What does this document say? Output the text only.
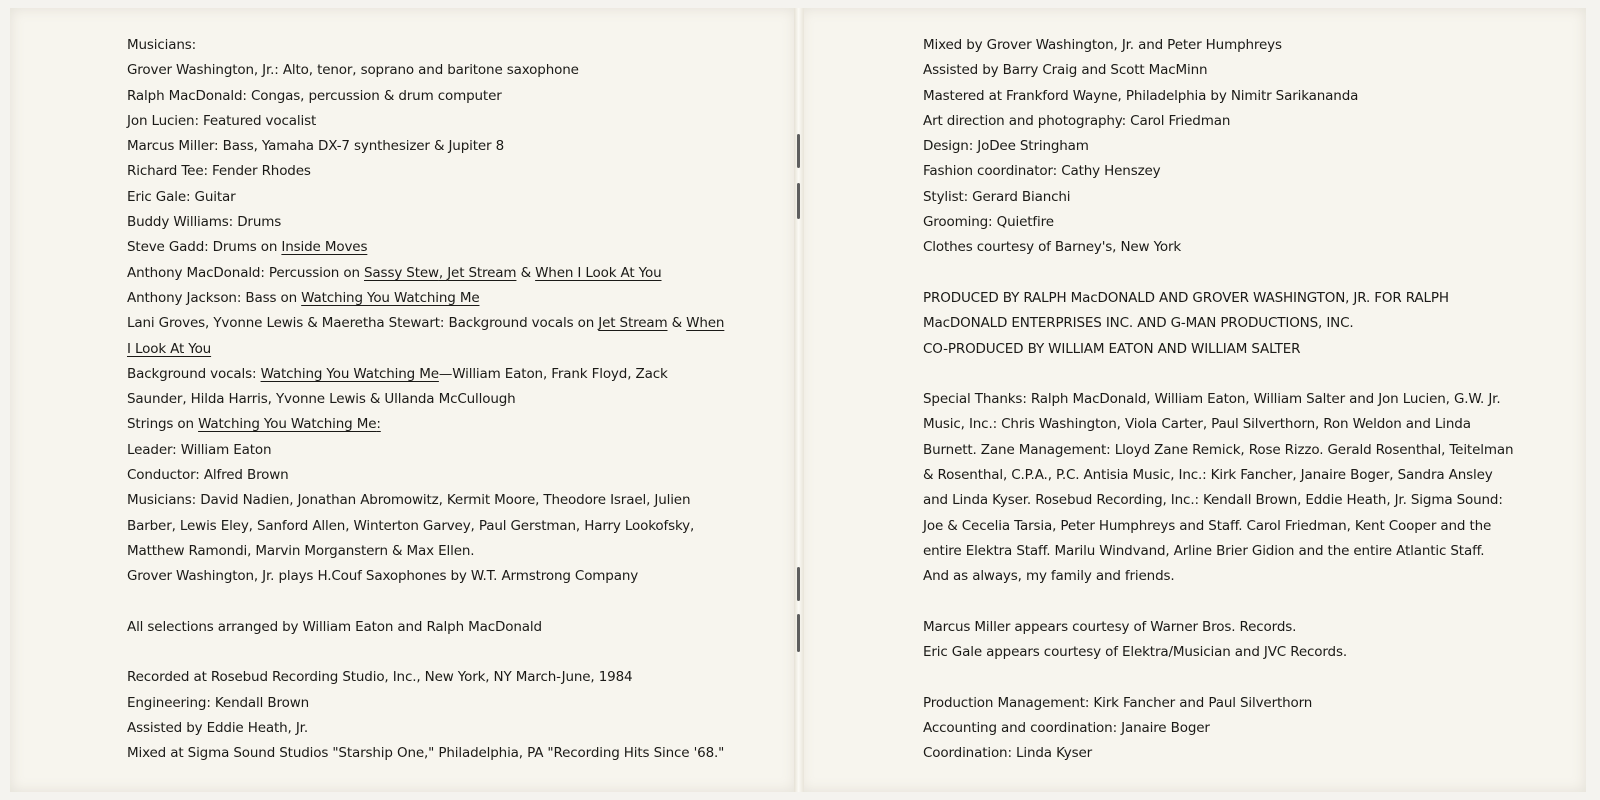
Musicians:
Grover Washington, Jr.: Alto, tenor, soprano and baritone saxophone
Ralph MacDonald: Congas, percussion & drum computer
Jon Lucien: Featured vocalist
Marcus Miller: Bass, Yamaha DX-7 synthesizer & Jupiter 8
Richard Tee: Fender Rhodes
Eric Gale: Guitar
Buddy Williams: Drums
Steve Gadd: Drums on Inside Moves
Anthony MacDonald: Percussion on Sassy Stew, Jet Stream & When I Look At You
Anthony Jackson: Bass on Watching You Watching Me
Lani Groves, Yvonne Lewis & Maeretha Stewart: Background vocals on Jet Stream & When
I Look At You
Background vocals: Watching You Watching Me—William Eaton, Frank Floyd, Zack
Saunder, Hilda Harris, Yvonne Lewis & Ullanda McCullough
Strings on Watching You Watching Me:
Leader: William Eaton
Conductor: Alfred Brown
Musicians: David Nadien, Jonathan Abromowitz, Kermit Moore, Theodore Israel, Julien
Barber, Lewis Eley, Sanford Allen, Winterton Garvey, Paul Gerstman, Harry Lookofsky,
Matthew Ramondi, Marvin Morganstern & Max Ellen.
Grover Washington, Jr. plays H.Couf Saxophones by W.T. Armstrong Company
All selections arranged by William Eaton and Ralph MacDonald
Recorded at Rosebud Recording Studio, Inc., New York, NY March-June, 1984
Engineering: Kendall Brown
Assisted by Eddie Heath, Jr.
Mixed at Sigma Sound Studios "Starship One," Philadelphia, PA "Recording Hits Since '68."
Mixed by Grover Washington, Jr. and Peter Humphreys
Assisted by Barry Craig and Scott MacMinn
Mastered at Frankford Wayne, Philadelphia by Nimitr Sarikananda
Art direction and photography: Carol Friedman
Design: JoDee Stringham
Fashion coordinator: Cathy Henszey
Stylist: Gerard Bianchi
Grooming: Quietfire
Clothes courtesy of Barney's, New York
PRODUCED BY RALPH MacDONALD AND GROVER WASHINGTON, JR. FOR RALPH
MacDONALD ENTERPRISES INC. AND G-MAN PRODUCTIONS, INC.
CO-PRODUCED BY WILLIAM EATON AND WILLIAM SALTER
Special Thanks: Ralph MacDonald, William Eaton, William Salter and Jon Lucien, G.W. Jr.
Music, Inc.: Chris Washington, Viola Carter, Paul Silverthorn, Ron Weldon and Linda
Burnett. Zane Management: Lloyd Zane Remick, Rose Rizzo. Gerald Rosenthal, Teitelman
& Rosenthal, C.P.A., P.C. Antisia Music, Inc.: Kirk Fancher, Janaire Boger, Sandra Ansley
and Linda Kyser. Rosebud Recording, Inc.: Kendall Brown, Eddie Heath, Jr. Sigma Sound:
Joe & Cecelia Tarsia, Peter Humphreys and Staff. Carol Friedman, Kent Cooper and the
entire Elektra Staff. Marilu Windvand, Arline Brier Gidion and the entire Atlantic Staff.
And as always, my family and friends.
Marcus Miller appears courtesy of Warner Bros. Records.
Eric Gale appears courtesy of Elektra/Musician and JVC Records.
Production Management: Kirk Fancher and Paul Silverthorn
Accounting and coordination: Janaire Boger
Coordination: Linda Kyser
